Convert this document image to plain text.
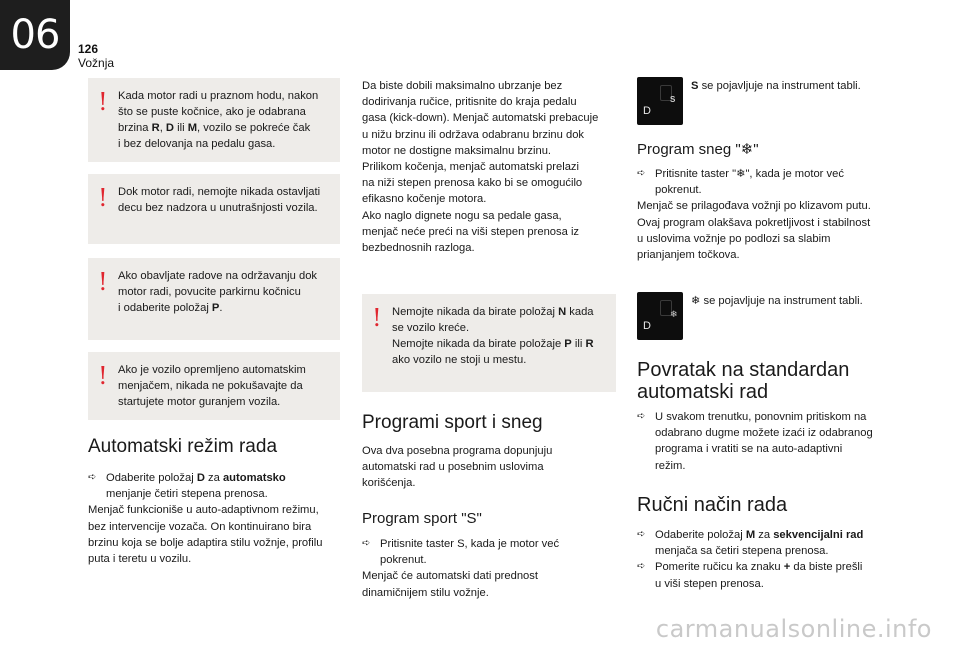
06 126
Vožnja
! Kada motor radi u praznom hodu, nakon

što se puste kočnice, ako je odabrana

brzina R, D ili M, vozilo se pokreće čak

i bez delovanja na pedalu gasa.

! Dok motor radi, nemojte nikada ostavljati

decu bez nadzora u unutrašnjosti vozila.

! Ako obavljate radove na održavanju dok

motor radi, povucite parkirnu kočnicu

i odaberite položaj P.

! Ako je vozilo opremljeno automatskim

menjačem, nikada ne pokušavajte da

startujete motor guranjem vozila.

Automatski režim rada
➪ Odaberite položaj D za automatsko

menjanje četiri stepena prenosa.

Menjač funkcioniše u auto-adaptivnom režimu,

bez intervencije vozača. On kontinuirano bira

brzinu koja se bolje adaptira stilu vožnje, profilu

puta i teretu u vozilu.

Da biste dobili maksimalno ubrzanje bez

dodirivanja ručice, pritisnite do kraja pedalu

gasa (kick-down). Menjač automatski prebacuje

u nižu brzinu ili održava odabranu brzinu dok

motor ne dostigne maksimalnu brzinu.

Prilikom kočenja, menjač automatski prelazi

na niži stepen prenosa kako bi se omogućilo

efikasno kočenje motora.

Ako naglo dignete nogu sa pedale gasa,

menjač neće preći na viši stepen prenosa iz

bezbednosnih razloga.

! Nemojte nikada da birate položaj N kada

se vozilo kreće.

Nemojte nikada da birate položaje P ili R

ako vozilo ne stoji u mestu.

Programi sport i sneg

Ova dva posebna programa dopunjuju

automatski rad u posebnim uslovima

korišćenja.

Program sport "S"
➪ Pritisnite taster S, kada je motor već

pokrenut.

Menjač će automatski dati prednost

dinamičnijem stilu vožnje.

D
S

S se pojavljuje na instrument tabli.

Program sneg "❄"
➪ Pritisnite taster "❄", kada je motor već

pokrenut.

Menjač se prilagođava vožnji po klizavom putu.

Ovaj program olakšava pokretljivost i stabilnost

u uslovima vožnje po podlozi sa slabim

prianjanjem točkova.

D
❄
❄ se pojavljuje na instrument tabli.
Povratak na standardan
automatski rad
➪ U svakom trenutku, ponovnim pritiskom na

odabrano dugme možete izaći iz odabranog

programa i vratiti se na auto-adaptivni

režim.

Ručni način rada
➪ Odaberite položaj M za sekvencijalni rad

menjača sa četiri stepena prenosa.

➪ Pomerite ručicu ka znaku + da biste prešli

u viši stepen prenosa.

carmanualsonline.info
